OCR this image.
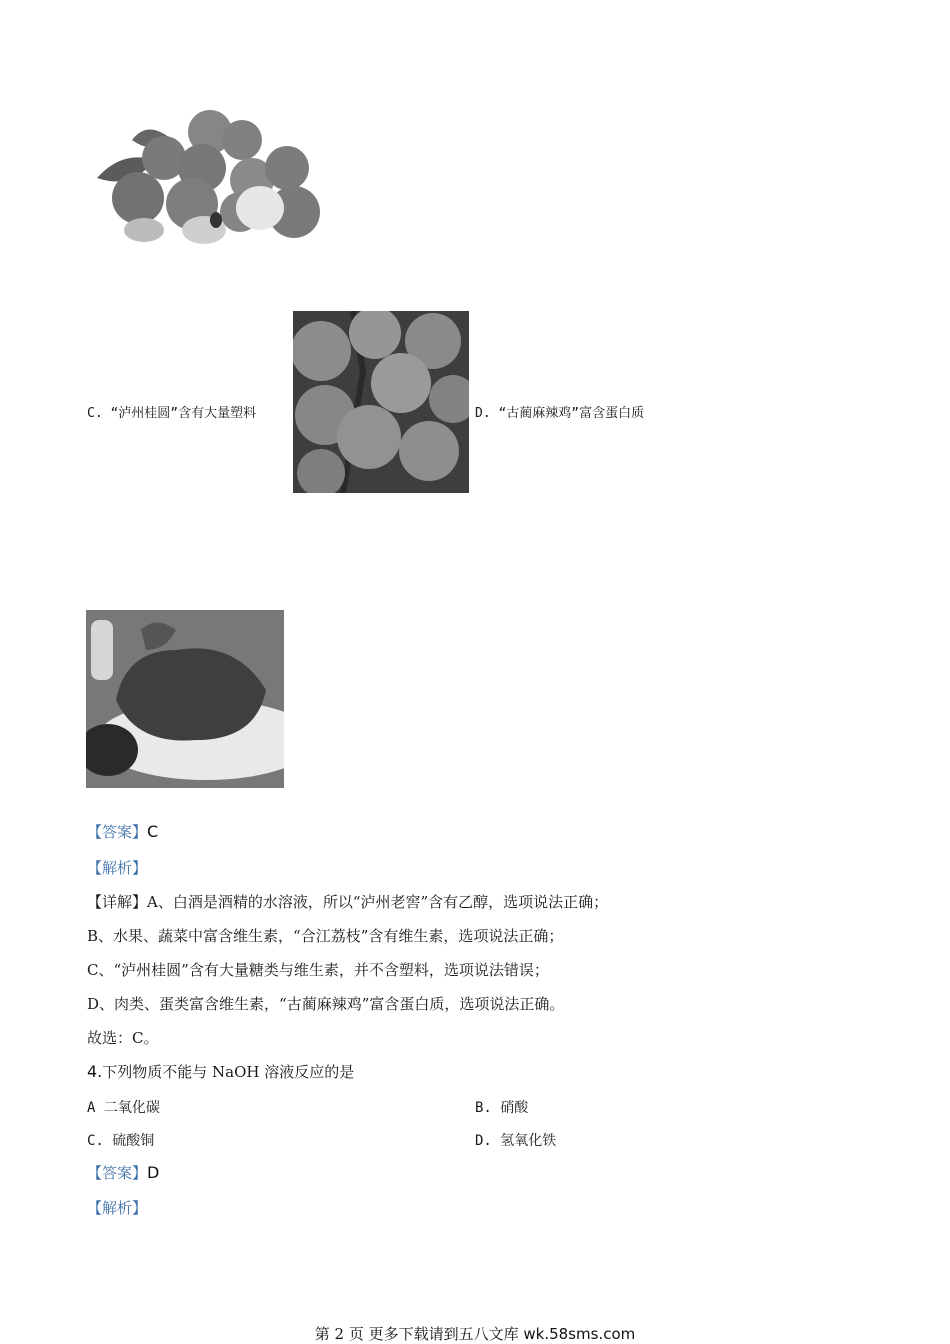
C. “泸州桂圆”含有大量塑料	D. “古蔺麻辣鸡”富含蛋白质
【答案】C
【解析】
【详解】A、白酒是酒精的水溶液，所以“泸州老窖”含有乙醇，选项说法正确；
B、水果、蔬菜中富含维生素，“合江荔枝”含有维生素，选项说法正确；
C、“泸州桂圆”含有大量糖类与维生素，并不含塑料，选项说法错误；
D、肉类、蛋类富含维生素，“古蔺麻辣鸡”富含蛋白质，选项说法正确。
故选：C。
4.下列物质不能与 NaOH 溶液反应的是
A 二氧化碳	B. 硝酸
C. 硫酸铜	D. 氢氧化铁
【答案】D
【解析】
第 2 页 更多下载请到五八文库 wk.58sms.com
